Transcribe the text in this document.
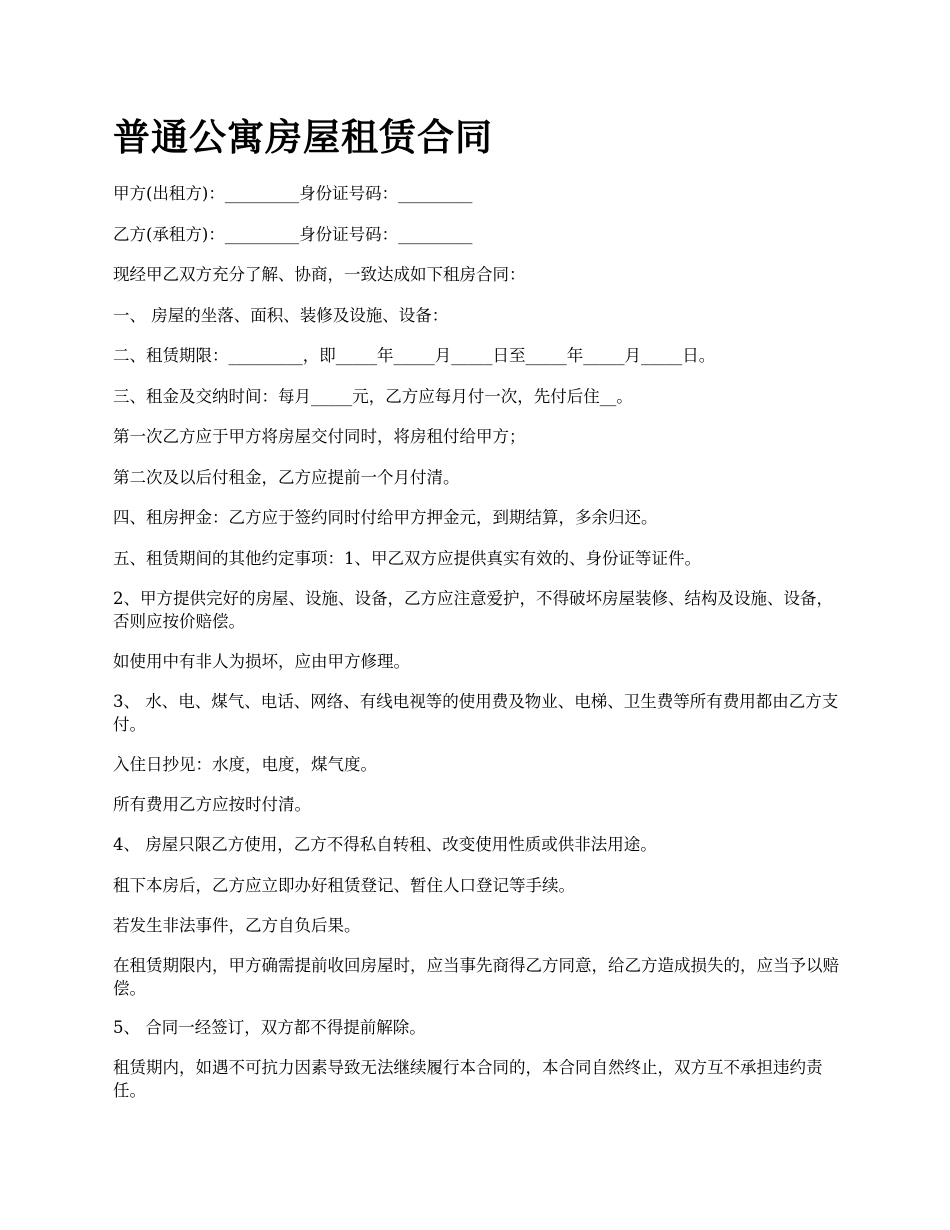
普通公寓房屋租赁合同

甲方(出租方)：_________身份证号码：_________

乙方(承租方)：_________身份证号码：_________

现经甲乙双方充分了解、协商，一致达成如下租房合同：

一、 房屋的坐落、面积、装修及设施、设备：

二、租赁期限：_________，即_____年_____月_____日至_____年_____月_____日。

三、租金及交纳时间：每月_____元，乙方应每月付一次，先付后住__。

第一次乙方应于甲方将房屋交付同时，将房租付给甲方；

第二次及以后付租金，乙方应提前一个月付清。

四、租房押金：乙方应于签约同时付给甲方押金元，到期结算，多余归还。

五、租赁期间的其他约定事项：1、甲乙双方应提供真实有效的、身份证等证件。

2、甲方提供完好的房屋、设施、设备，乙方应注意爱护，不得破坏房屋装修、结构及设施、设备，否则应按价赔偿。

如使用中有非人为损坏，应由甲方修理。

3、 水、电、煤气、电话、网络、有线电视等的使用费及物业、电梯、卫生费等所有费用都由乙方支付。

入住日抄见：水度，电度，煤气度。

所有费用乙方应按时付清。

4、 房屋只限乙方使用，乙方不得私自转租、改变使用性质或供非法用途。

租下本房后，乙方应立即办好租赁登记、暂住人口登记等手续。

若发生非法事件，乙方自负后果。

在租赁期限内，甲方确需提前收回房屋时，应当事先商得乙方同意，给乙方造成损失的，应当予以赔偿。

5、 合同一经签订，双方都不得提前解除。

租赁期内，如遇不可抗力因素导致无法继续履行本合同的，本合同自然终止，双方互不承担违约责任。
